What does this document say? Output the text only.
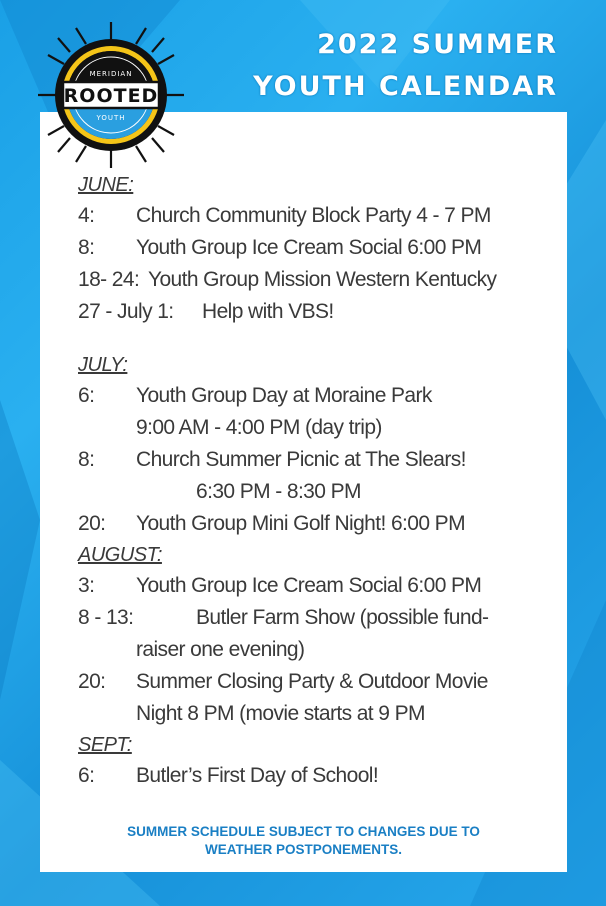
2022 SUMMER
YOUTH CALENDAR
ROOTED
MERIDIAN
YOUTH
JUNE:
4: Church Community Block Party 4 - 7 PM
8: Youth Group Ice Cream Social 6:00 PM
18- 24: Youth Group Mission Western Kentucky
27 - July 1: Help with VBS!
JULY:
6: Youth Group Day at Moraine Park
9:00 AM - 4:00 PM (day trip)
8: Church Summer Picnic at The Slears!
6:30 PM - 8:30 PM
20: Youth Group Mini Golf Night! 6:00 PM
AUGUST:
3: Youth Group Ice Cream Social 6:00 PM
8 - 13:	Butler Farm Show (possible fund-
raiser one evening)
20: Summer Closing Party & Outdoor Movie
Night 8 PM (movie starts at 9 PM
SEPT:
6: Butler’s First Day of School!
SUMMER SCHEDULE SUBJECT TO CHANGES DUE TO
WEATHER POSTPONEMENTS.
